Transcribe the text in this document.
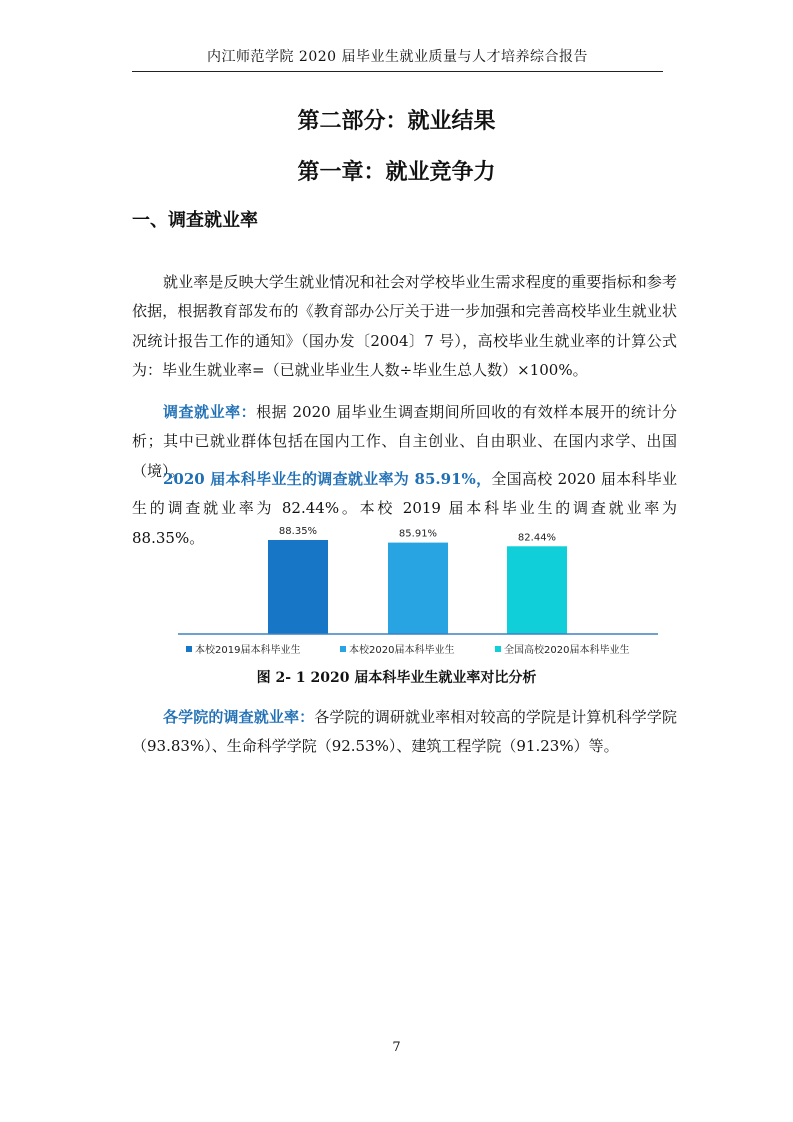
内江师范学院 2020 届毕业生就业质量与人才培养综合报告
第二部分：就业结果
第一章：就业竞争力
一、调查就业率

就业率是反映大学生就业情况和社会对学校毕业生需求程度的重要指标和参考依据，根据教育部发布的《教育部办公厅关于进一步加强和完善高校毕业生就业状况统计报告工作的通知》（国办发〔2004〕7 号），高校毕业生就业率的计算公式为：毕业生就业率=（已就业毕业生人数÷毕业生总人数）×100%。

调查就业率：根据 2020 届毕业生调查期间所回收的有效样本展开的统计分析；其中已就业群体包括在国内工作、自主创业、自由职业、在国内求学、出国（境）。

2020 届本科毕业生的调查就业率为 85.91%，全国高校 2020 届本科毕业生的调查就业率为 82.44%。本校 2019 届本科毕业生的调查就业率为 88.35%。	88.35%	85.91%	82.44%
本校2019届本科毕业生	本校2020届本科毕业生	全国高校2020届本科毕业生
图 2- 1 2020 届本科毕业生就业率对比分析

各学院的调查就业率：各学院的调研就业率相对较高的学院是计算机科学学院（93.83%）、生命科学学院（92.53%）、建筑工程学院（91.23%）等。

7
